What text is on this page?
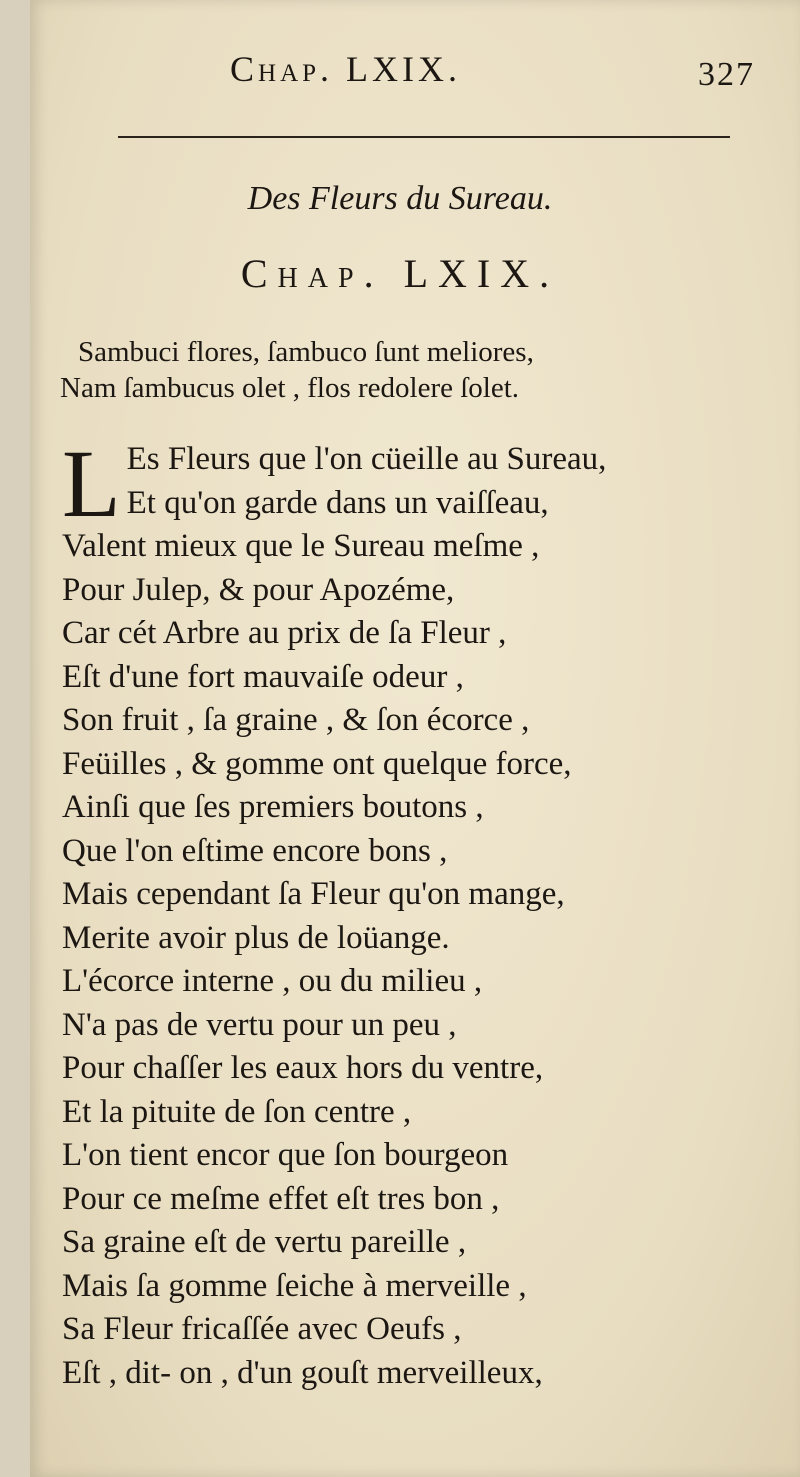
Chap. LXIX.	327
Des Fleurs du Sureau.
Chap. LXIX.
Sambuci flores, ſambuco ſunt meliores,
Nam ſambucus olet , flos redolere ſolet.
L Es Fleurs que l'on cüeille au Sureau,
Et qu'on garde dans un vaiſſeau,
Valent mieux que le Sureau meſme ,
Pour Julep, & pour Apozéme,
Car cét Arbre au prix de ſa Fleur ,
Eſt d'une fort mauvaiſe odeur ,
Son fruit , ſa graine , & ſon écorce ,
Feüilles , & gomme ont quelque force,
Ainſi que ſes premiers boutons ,
Que l'on eſtime encore bons ,
Mais cependant ſa Fleur qu'on mange,
Merite avoir plus de loüange.
L'écorce interne , ou du milieu ,
N'a pas de vertu pour un peu ,
Pour chaſſer les eaux hors du ventre,
Et la pituite de ſon centre ,
L'on tient encor que ſon bourgeon
Pour ce meſme effet eſt tres bon ,
Sa graine eſt de vertu pareille ,
Mais ſa gomme ſeiche à merveille ,
Sa Fleur fricaſſée avec Oeufs ,
Eſt , dit- on , d'un gouſt merveilleux,
